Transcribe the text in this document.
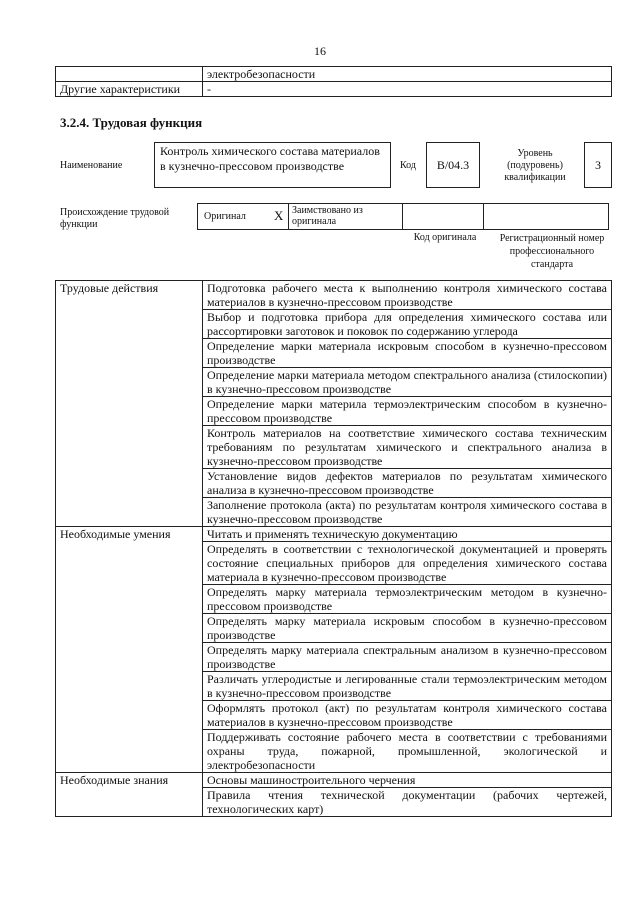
16
	электробезопасности
Другие характеристики	-
3.2.4. Трудовая функция
Наименование
Контроль химического состава материалов в кузнечно-прессовом производстве	Код	В/04.3
Уровень (подуровень) квалификации
3
Происхождение трудовой функции
Оригинал X Заимствовано из оригинала
Код оригинала	Регистрационный номер профессионального стандарта
Трудовые действия	Подготовка рабочего места к выполнению контроля химического состава материалов в кузнечно-прессовом производстве
	Выбор и подготовка прибора для определения химического состава или рассортировки заготовок и поковок по содержанию углерода
	Определение марки материала искровым способом в кузнечно-прессовом производстве
	Определение марки материала методом спектрального анализа (стилоскопии) в кузнечно-прессовом производстве
	Определение марки материла термоэлектрическим способом в кузнечно-прессовом производстве
	Контроль материалов на соответствие химического состава техническим требованиям по результатам химического и спектрального анализа в кузнечно-прессовом производстве
	Установление видов дефектов материалов по результатам химического анализа в кузнечно-прессовом производстве
	Заполнение протокола (акта) по результатам контроля химического состава в кузнечно-прессовом производстве
Необходимые умения	Читать и применять техническую документацию
	Определять в соответствии с технологической документацией и проверять состояние специальных приборов для определения химического состава материала в кузнечно-прессовом производстве
	Определять марку материала термоэлектрическим методом в кузнечно-прессовом производстве
	Определять марку материала искровым способом в кузнечно-прессовом производстве
	Определять марку материала спектральным анализом в кузнечно-прессовом производстве
	Различать углеродистые и легированные стали термоэлектрическим методом в кузнечно-прессовом производстве
	Оформлять протокол (акт) по результатам контроля химического состава материалов в кузнечно-прессовом производстве
	Поддерживать состояние рабочего места в соответствии с требованиями охраны труда, пожарной, промышленной, экологической и электробезопасности
Необходимые знания	Основы машиностроительного черчения
	Правила чтения технической документации (рабочих чертежей, технологических карт)
